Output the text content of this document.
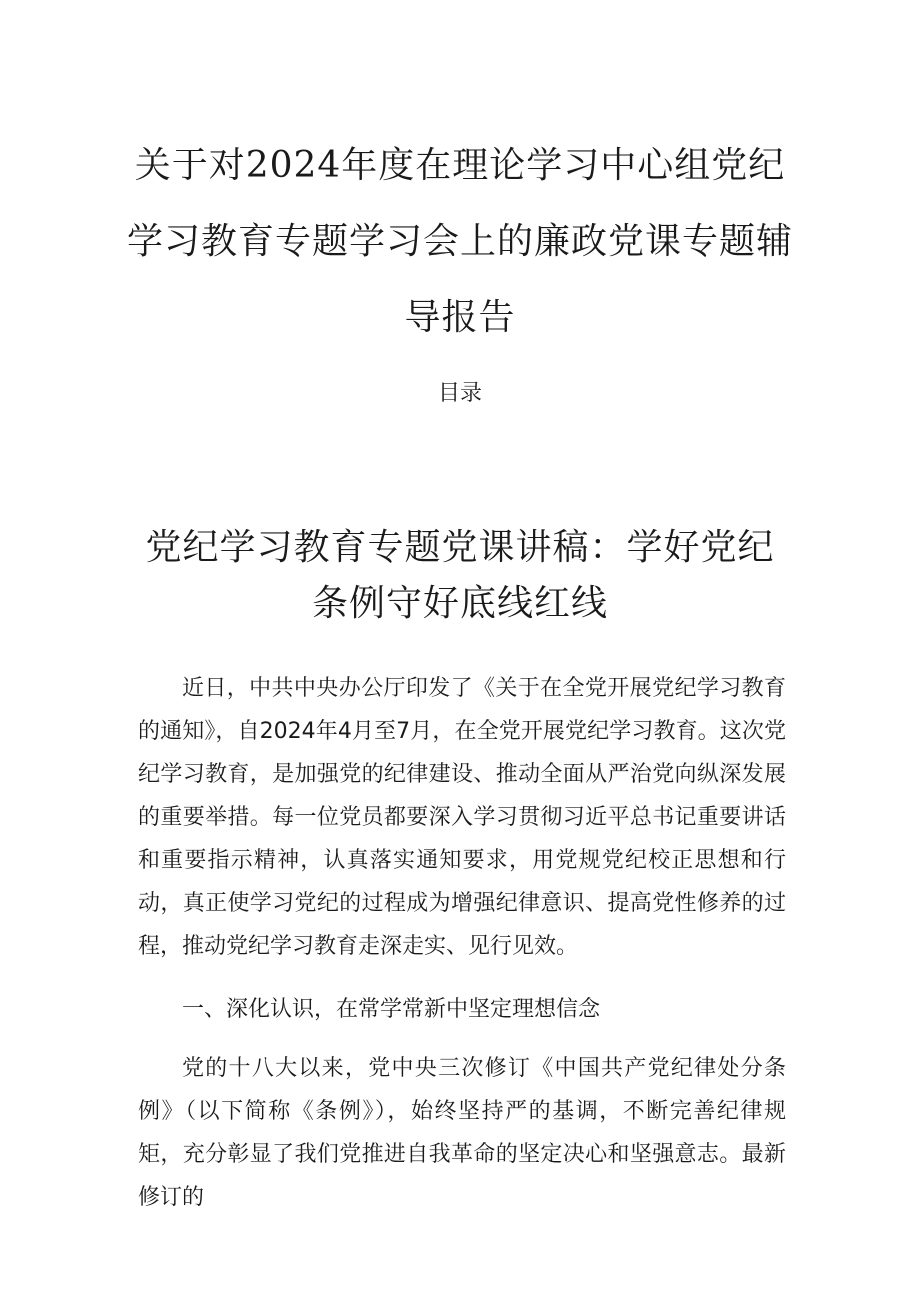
关于对2024年度在理论学习中心组党纪学习教育专题学习会上的廉政党课专题辅导报告
目录
党纪学习教育专题党课讲稿：学好党纪条例守好底线红线

近日，中共中央办公厅印发了《关于在全党开展党纪学习教育的通知》，自2024年4月至7月，在全党开展党纪学习教育。这次党纪学习教育，是加强党的纪律建设、推动全面从严治党向纵深发展的重要举措。每一位党员都要深入学习贯彻习近平总书记重要讲话和重要指示精神，认真落实通知要求，用党规党纪校正思想和行动，真正使学习党纪的过程成为增强纪律意识、提高党性修养的过程，推动党纪学习教育走深走实、见行见效。

一、深化认识，在常学常新中坚定理想信念

党的十八大以来，党中央三次修订《中国共产党纪律处分条例》（以下简称《条例》），始终坚持严的基调，不断完善纪律规矩，充分彰显了我们党推进自我革命的坚定决心和坚强意志。最新修订的
